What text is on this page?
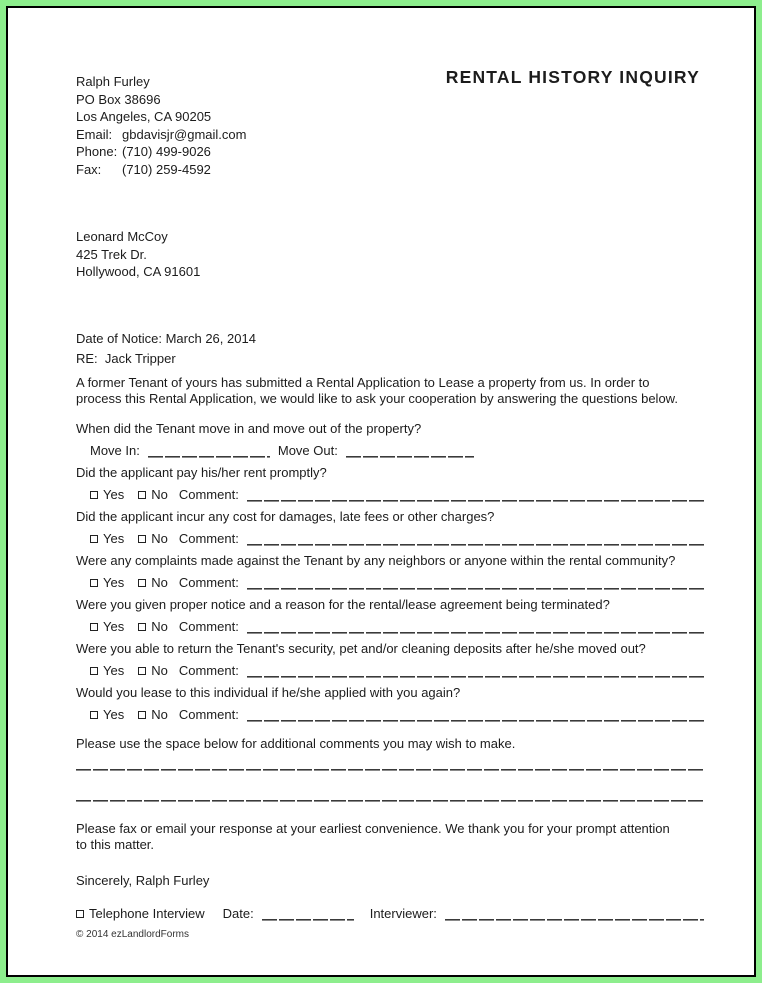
Ralph Furley
PO Box 38696
Los Angeles, CA 90205
Email: gbdavisjr@gmail.com
Phone: (710) 499-9026
Fax: (710) 259-4592
RENTAL HISTORY INQUIRY
Leonard McCoy
425 Trek Dr.
Hollywood, CA 91601
Date of Notice: March 26, 2014
RE:  Jack Tripper
A former Tenant of yours has submitted a Rental Application to Lease a property from us. In order to
process this Rental Application, we would like to ask your cooperation by answering the questions below.
When did the Tenant move in and move out of the property?
Move In:	Move Out:
Did the applicant pay his/her rent promptly?
Yes No Comment:
Did the applicant incur any cost for damages, late fees or other charges?
Yes No Comment:
Were any complaints made against the Tenant by any neighbors or anyone within the rental community?
Yes No Comment:
Were you given proper notice and a reason for the rental/lease agreement being terminated?
Yes No Comment:
Were you able to return the Tenant's security, pet and/or cleaning deposits after he/she moved out?
Yes No Comment:
Would you lease to this individual if he/she applied with you again?
Yes No Comment:
Please use the space below for additional comments you may wish to make.
Please fax or email your response at your earliest convenience. We thank you for your prompt attention
to this matter.
Sincerely, Ralph Furley
Telephone Interview Date:	Interviewer:
© 2014 ezLandlordForms
